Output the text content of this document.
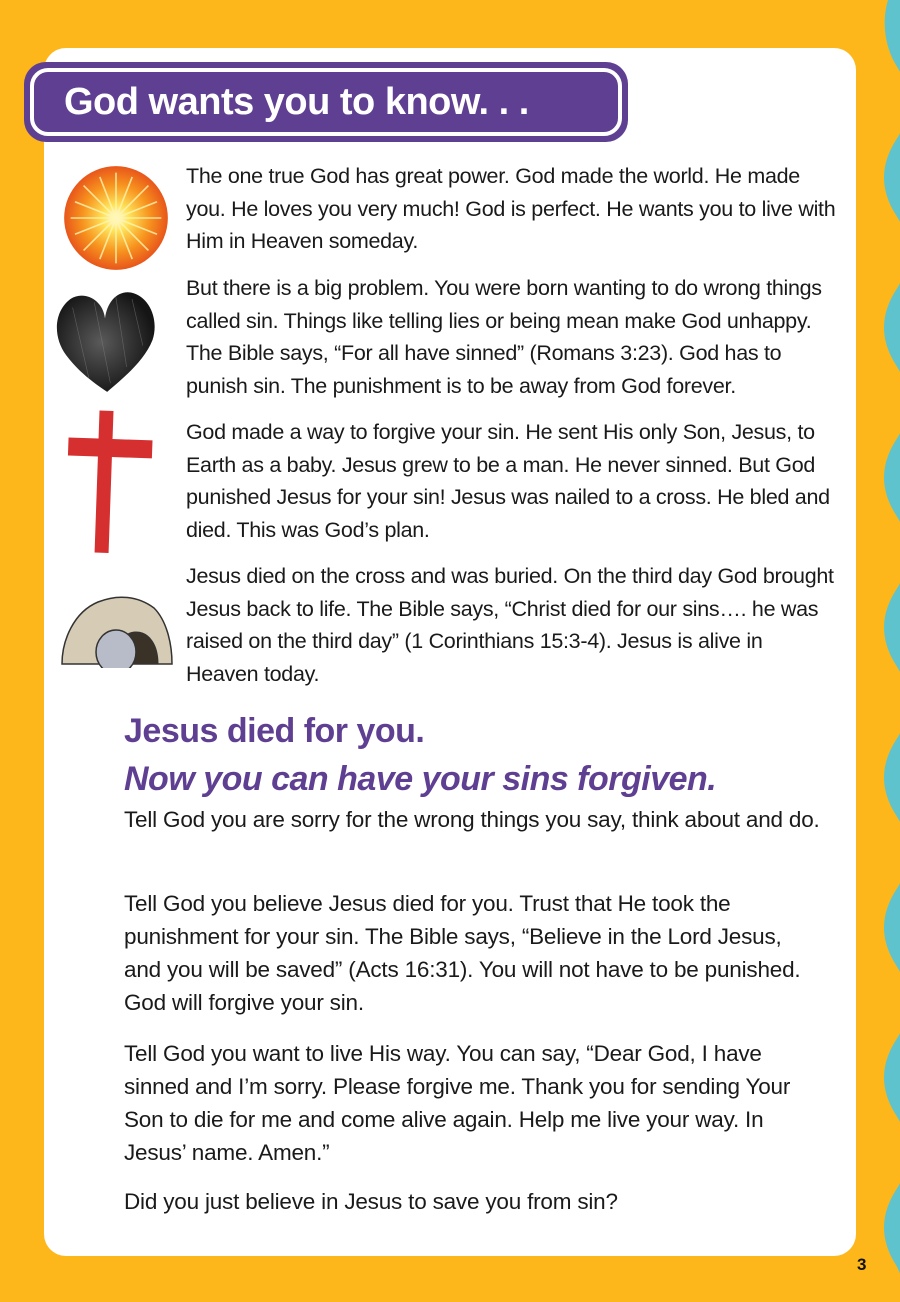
God wants you to know. . .

The one true God has great power. God made the world. He made you. He loves you very much! God is perfect. He wants you to live with Him in Heaven someday.

But there is a big problem. You were born wanting to do wrong things called sin. Things like telling lies or being mean make God unhappy. The Bible says, “For all have sinned” (Romans 3:23). God has to punish sin. The punishment is to be away from God forever.

God made a way to forgive your sin. He sent His only Son, Jesus, to Earth as a baby. Jesus grew to be a man. He never sinned. But God punished Jesus for your sin! Jesus was nailed to a cross. He bled and died. This was God’s plan.

Jesus died on the cross and was buried. On the third day God brought Jesus back to life. The Bible says, “Christ died for our sins…. he was raised on the third day” (1 Corinthians 15:3-4). Jesus is alive in Heaven today.

Jesus died for you.
Now you can have your sins forgiven.

Tell God you are sorry for the wrong things you say, think about and do.

Tell God you believe Jesus died for you. Trust that He took the punishment for your sin. The Bible says, “Believe in the Lord Jesus, and you will be saved” (Acts 16:31). You will not have to be punished. God will forgive your sin.

Tell God you want to live His way. You can say, “Dear God, I have sinned and I’m sorry. Please forgive me. Thank you for sending Your Son to die for me and come alive again. Help me live your way. In Jesus’ name. Amen.”

Did you just believe in Jesus to save you from sin?

3
